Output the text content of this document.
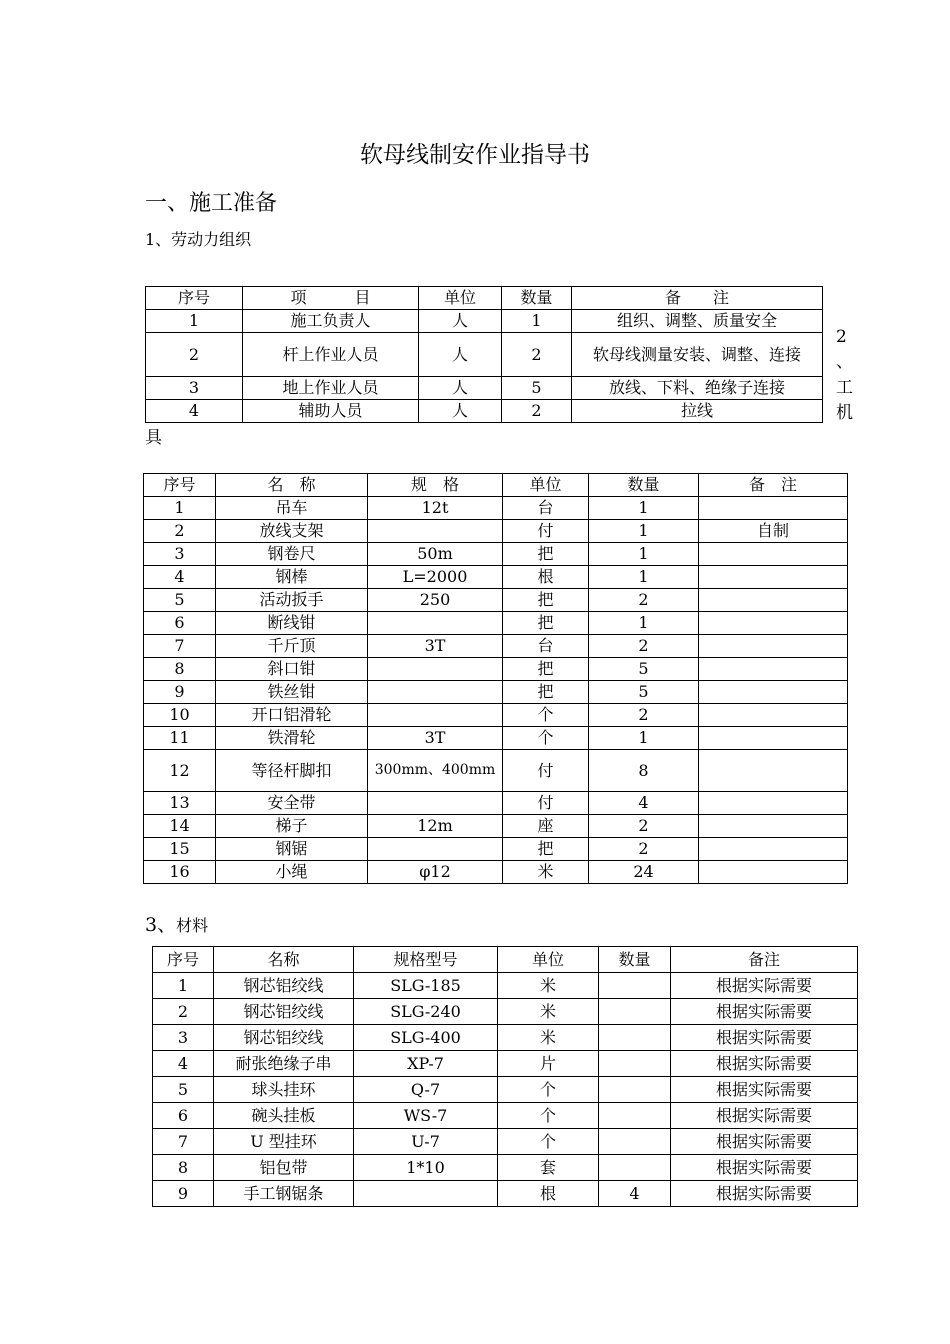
软母线制安作业指导书
一、施工准备
1、劳动力组织
序号	项　　　目	单位	数量	备　　注
1	施工负责人	人	1	组织、调整、质量安全
2	杆上作业人员	人	2	软母线测量安装、调整、连接
3	地上作业人员	人	5	放线、下料、绝缘子连接
4	辅助人员	人	2	拉线
2
、
工
机
具
序号	名　称	规　格	单位	数量	备　注
1	吊车	12t	台	1	
2	放线支架		付	1	自制
3	钢卷尺	50m	把	1	
4	钢棒	L=2000	根	1	
5	活动扳手	250	把	2	
6	断线钳		把	1	
7	千斤顶	3T	台	2	
8	斜口钳		把	5	
9	铁丝钳		把	5	
10	开口铝滑轮		个	2	
11	铁滑轮	3T	个	1	
12	等径杆脚扣	300mm、400mm	付	8	
13	安全带		付	4	
14	梯子	12m	座	2	
15	钢锯		把	2	
16	小绳	φ12	米	24	
3、材料
序号	名称	规格型号	单位	数量	备注
1	钢芯铝绞线	SLG-185	米		根据实际需要
2	钢芯铝绞线	SLG-240	米		根据实际需要
3	钢芯铝绞线	SLG-400	米		根据实际需要
4	耐张绝缘子串	XP-7	片		根据实际需要
5	球头挂环	Q-7	个		根据实际需要
6	碗头挂板	WS-7	个		根据实际需要
7	U 型挂环	U-7	个		根据实际需要
8	铝包带	1*10	套		根据实际需要
9	手工钢锯条		根	4	根据实际需要
